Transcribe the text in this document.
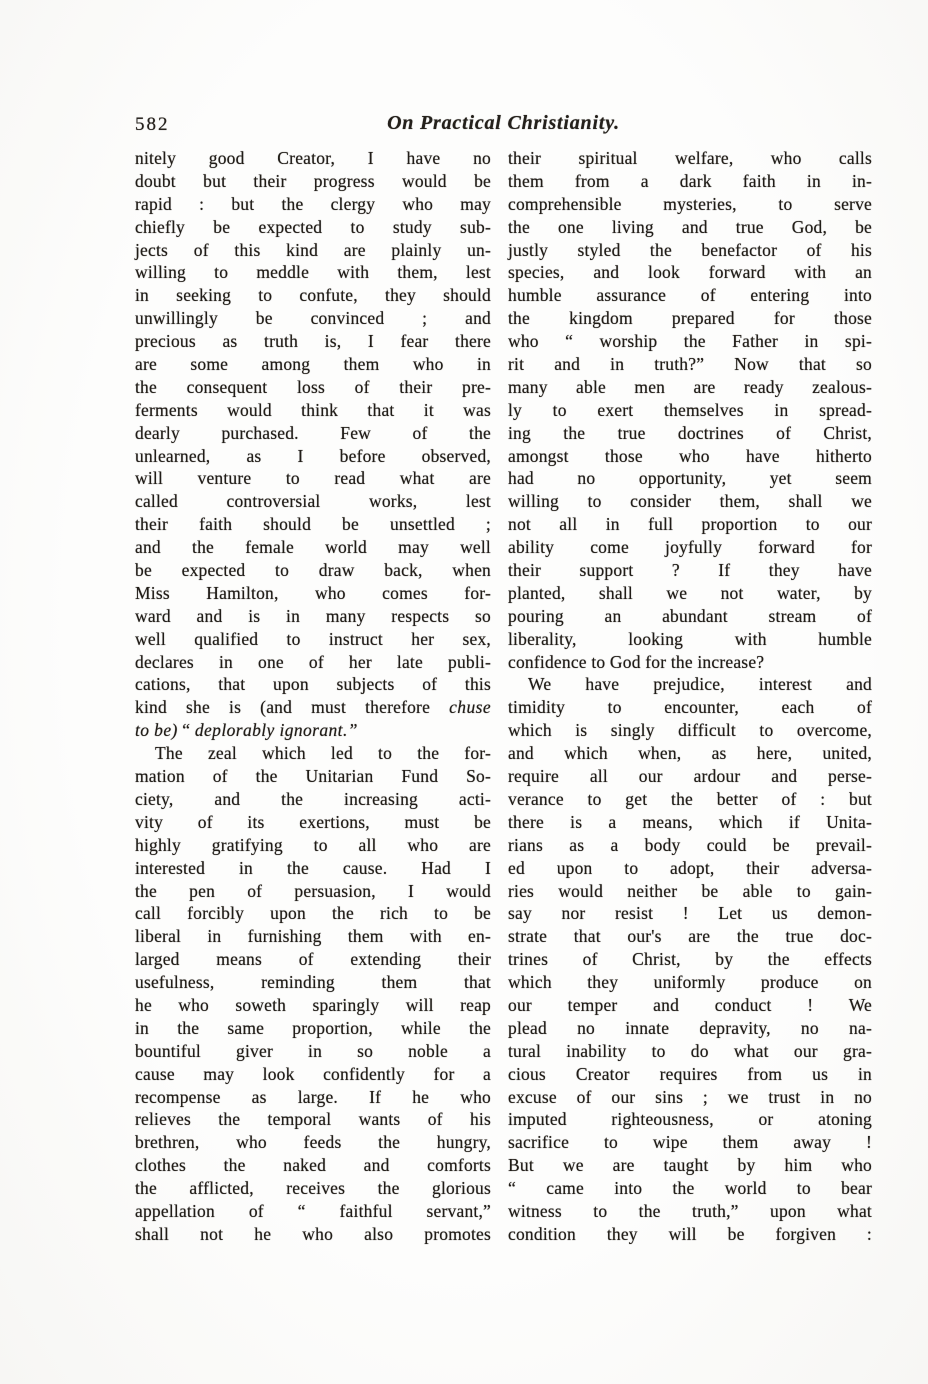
582	On Practical Christianity.
nitely good Creator, I have no
doubt but their progress would be
rapid : but the clergy who may
chiefly be expected to study sub-
jects of this kind are plainly un-
willing to meddle with them, lest
in seeking to confute, they should
unwillingly be convinced ; and
precious as truth is, I fear there
are some among them who in
the consequent loss of their pre-
ferments would think that it was
dearly purchased. Few of the
unlearned, as I before observed,
will venture to read what are
called controversial works, lest
their faith should be unsettled ;
and the female world may well
be expected to draw back, when
Miss Hamilton, who comes for-
ward and is in many respects so
well qualified to instruct her sex,
declares in one of her late publi-
cations, that upon subjects of this
kind she is (and must therefore chuse
to be) “ deplorably ignorant.”
The zeal which led to the for-
mation of the Unitarian Fund So-
ciety, and the increasing acti-
vity of its exertions, must be
highly gratifying to all who are
interested in the cause. Had I
the pen of persuasion, I would
call forcibly upon the rich to be
liberal in furnishing them with en-
larged means of extending their
usefulness, reminding them that
he who soweth sparingly will reap
in the same proportion, while the
bountiful giver in so noble a
cause may look confidently for a
recompense as large. If he who
relieves the temporal wants of his
brethren, who feeds the hungry,
clothes the naked and comforts
the afflicted, receives the glorious
appellation of “ faithful servant,”
shall not he who also promotes
their spiritual welfare, who calls
them from a dark faith in in-
comprehensible mysteries, to serve
the one living and true God, be
justly styled the benefactor of his
species, and look forward with an
humble assurance of entering into
the kingdom prepared for those
who “ worship the Father in spi-
rit and in truth?” Now that so
many able men are ready zealous-
ly to exert themselves in spread-
ing the true doctrines of Christ,
amongst those who have hitherto
had no opportunity, yet seem
willing to consider them, shall we
not all in full proportion to our
ability come joyfully forward for
their support ? If they have
planted, shall we not water, by
pouring an abundant stream of
liberality, looking with humble
confidence to God for the increase?
We have prejudice, interest and
timidity to encounter, each of
which is singly difficult to overcome,
and which when, as here, united,
require all our ardour and perse-
verance to get the better of : but
there is a means, which if Unita-
rians as a body could be prevail-
ed upon to adopt, their adversa-
ries would neither be able to gain-
say nor resist ! Let us demon-
strate that our's are the true doc-
trines of Christ, by the effects
which they uniformly produce on
our temper and conduct ! We
plead no innate depravity, no na-
tural inability to do what our gra-
cious Creator requires from us in
excuse of our sins ; we trust in no
imputed righteousness, or atoning
sacrifice to wipe them away !
But we are taught by him who
“ came into the world to bear
witness to the truth,” upon what
condition they will be forgiven :
